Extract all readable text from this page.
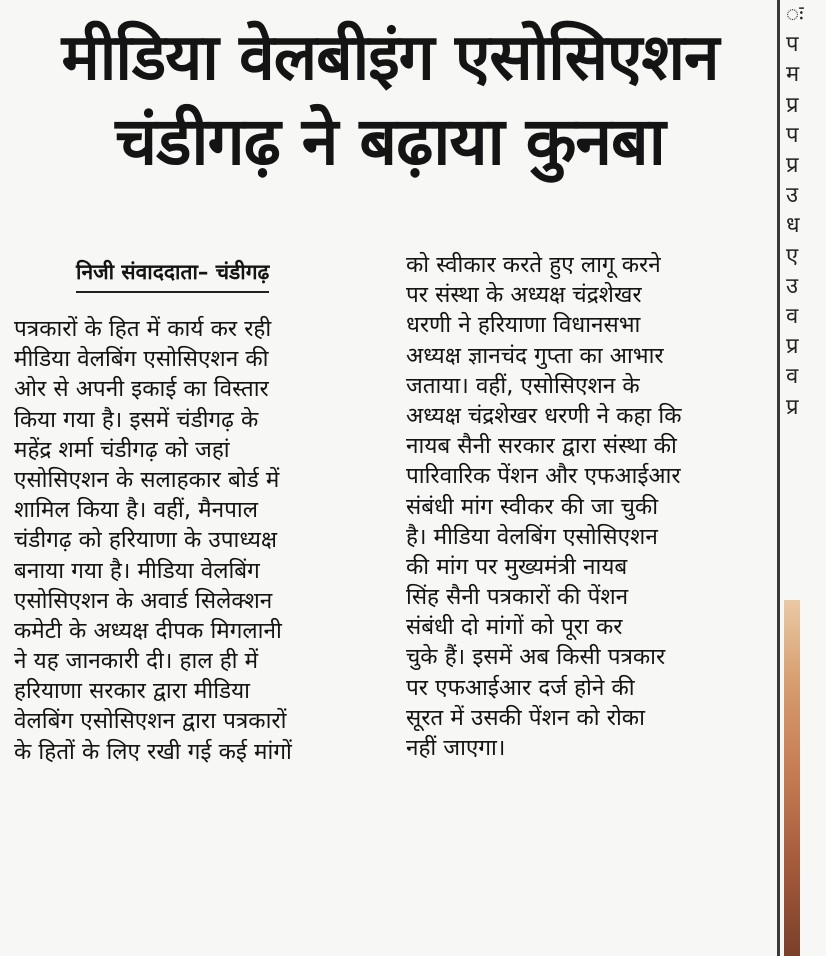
मीडिया वेलबीइंग एसोसिएशन
चंडीगढ़ ने बढ़ाया कुनबा
निजी संवाददाता– चंडीगढ़
पत्रकारों के हित में कार्य कर रही
मीडिया वेलबिंग एसोसिएशन की
ओर से अपनी इकाई का विस्तार
किया गया है। इसमें चंडीगढ़ के
महेंद्र शर्मा चंडीगढ़ को जहां
एसोसिएशन के सलाहकार बोर्ड में
शामिल किया है। वहीं, मैनपाल
चंडीगढ़ को हरियाणा के उपाध्यक्ष
बनाया गया है। मीडिया वेलबिंग
एसोसिएशन के अवार्ड सिलेक्शन
कमेटी के अध्यक्ष दीपक मिगलानी
ने यह जानकारी दी। हाल ही में
हरियाणा सरकार द्वारा मीडिया
वेलबिंग एसोसिएशन द्वारा पत्रकारों
के हितों के लिए रखी गई कई मांगों
को स्वीकार करते हुए लागू करने
पर संस्था के अध्यक्ष चंद्रशेखर
धरणी ने हरियाणा विधानसभा
अध्यक्ष ज्ञानचंद गुप्ता का आभार
जताया। वहीं, एसोसिएशन के
अध्यक्ष चंद्रशेखर धरणी ने कहा कि
नायब सैनी सरकार द्वारा संस्था की
पारिवारिक पेंशन और एफआईआर
संबंधी मांग स्वीकर की जा चुकी
है। मीडिया वेलबिंग एसोसिएशन
की मांग पर मुख्यमंत्री नायब
सिंह सैनी पत्रकारों की पेंशन
संबंधी दो मांगों को पूरा कर
चुके हैं। इसमें अब किसी पत्रकार
पर एफआईआर दर्ज होने की
सूरत में उसकी पेंशन को रोका
नहीं जाएगा।
ः
प
म
प्र
प
प्र
उ
ध
ए
उ
व
प्र
व
प्र
